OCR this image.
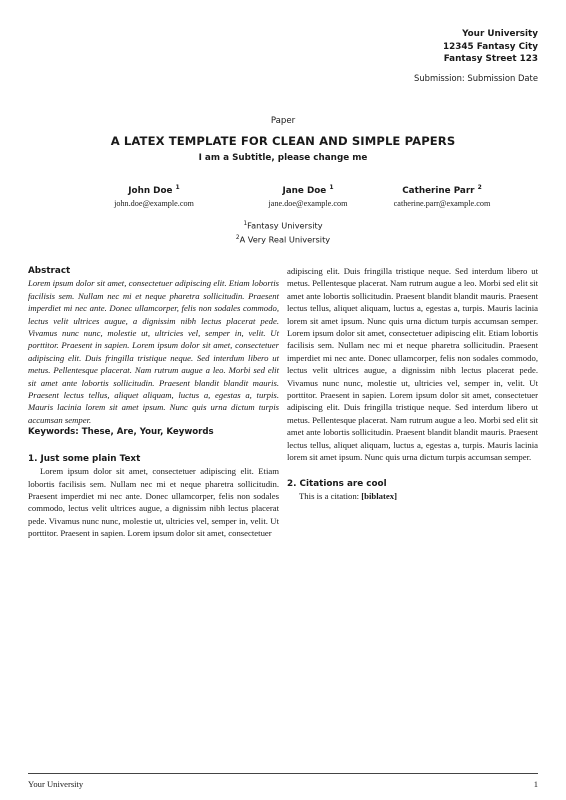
Your University
12345 Fantasy City
Fantasy Street 123
Submission: Submission Date
Paper
A LATEX TEMPLATE FOR CLEAN AND SIMPLE PAPERS
I am a Subtitle, please change me
John Doe $^1$
john.doe@example.com
Jane Doe $^1$
jane.doe@example.com
Catherine Parr $^2$
catherine.parr@example.com
$^1$Fantasy University
$^2$A Very Real University
Abstract
Lorem ipsum dolor sit amet, consectetuer adipiscing elit. Etiam lobortis facilisis sem. Nullam nec mi et neque pharetra sollicitudin. Praesent imperdiet mi nec ante. Donec ullamcorper, felis non sodales commodo, lectus velit ultrices augue, a dignissim nibh lectus placerat pede. Vivamus nunc nunc, molestie ut, ultricies vel, semper in, velit. Ut porttitor. Praesent in sapien. Lorem ipsum dolor sit amet, consectetuer adipiscing elit. Duis fringilla tristique neque. Sed interdum libero ut metus. Pellentesque placerat. Nam rutrum augue a leo. Morbi sed elit sit amet ante lobortis sollicitudin. Praesent blandit blandit mauris. Praesent lectus tellus, aliquet aliquam, luctus a, egestas a, turpis. Mauris lacinia lorem sit amet ipsum. Nunc quis urna dictum turpis accumsan semper.
Keywords: These, Are, Your, Keywords
1. Just some plain Text

Lorem ipsum dolor sit amet, consectetuer adipiscing elit. Etiam lobortis facilisis sem. Nullam nec mi et neque pharetra sollicitudin. Praesent imperdiet mi nec ante. Donec ullamcorper, felis non sodales commodo, lectus velit ultrices augue, a dignissim nibh lectus placerat pede. Vivamus nunc nunc, molestie ut, ultricies vel, semper in, velit. Ut porttitor. Praesent in sapien. Lorem ipsum dolor sit amet, consectetuer

adipiscing elit. Duis fringilla tristique neque. Sed interdum libero ut metus. Pellentesque placerat. Nam rutrum augue a leo. Morbi sed elit sit amet ante lobortis sollicitudin. Praesent blandit blandit mauris. Praesent lectus tellus, aliquet aliquam, luctus a, egestas a, turpis. Mauris lacinia lorem sit amet ipsum. Nunc quis urna dictum turpis accumsan semper. Lorem ipsum dolor sit amet, consectetuer adipiscing elit. Etiam lobortis facilisis sem. Nullam nec mi et neque pharetra sollicitudin. Praesent imperdiet mi nec ante. Donec ullamcorper, felis non sodales commodo, lectus velit ultrices augue, a dignissim nibh lectus placerat pede. Vivamus nunc nunc, molestie ut, ultricies vel, semper in, velit. Ut porttitor. Praesent in sapien. Lorem ipsum dolor sit amet, consectetuer adipiscing elit. Duis fringilla tristique neque. Sed interdum libero ut metus. Pellentesque placerat. Nam rutrum augue a leo. Morbi sed elit sit amet ante lobortis sollicitudin. Praesent blandit blandit mauris. Praesent lectus tellus, aliquet aliquam, luctus a, egestas a, turpis. Mauris lacinia lorem sit amet ipsum. Nunc quis urna dictum turpis accumsan semper.
2. Citations are cool

This is a citation: [biblatex]

Your University	1
